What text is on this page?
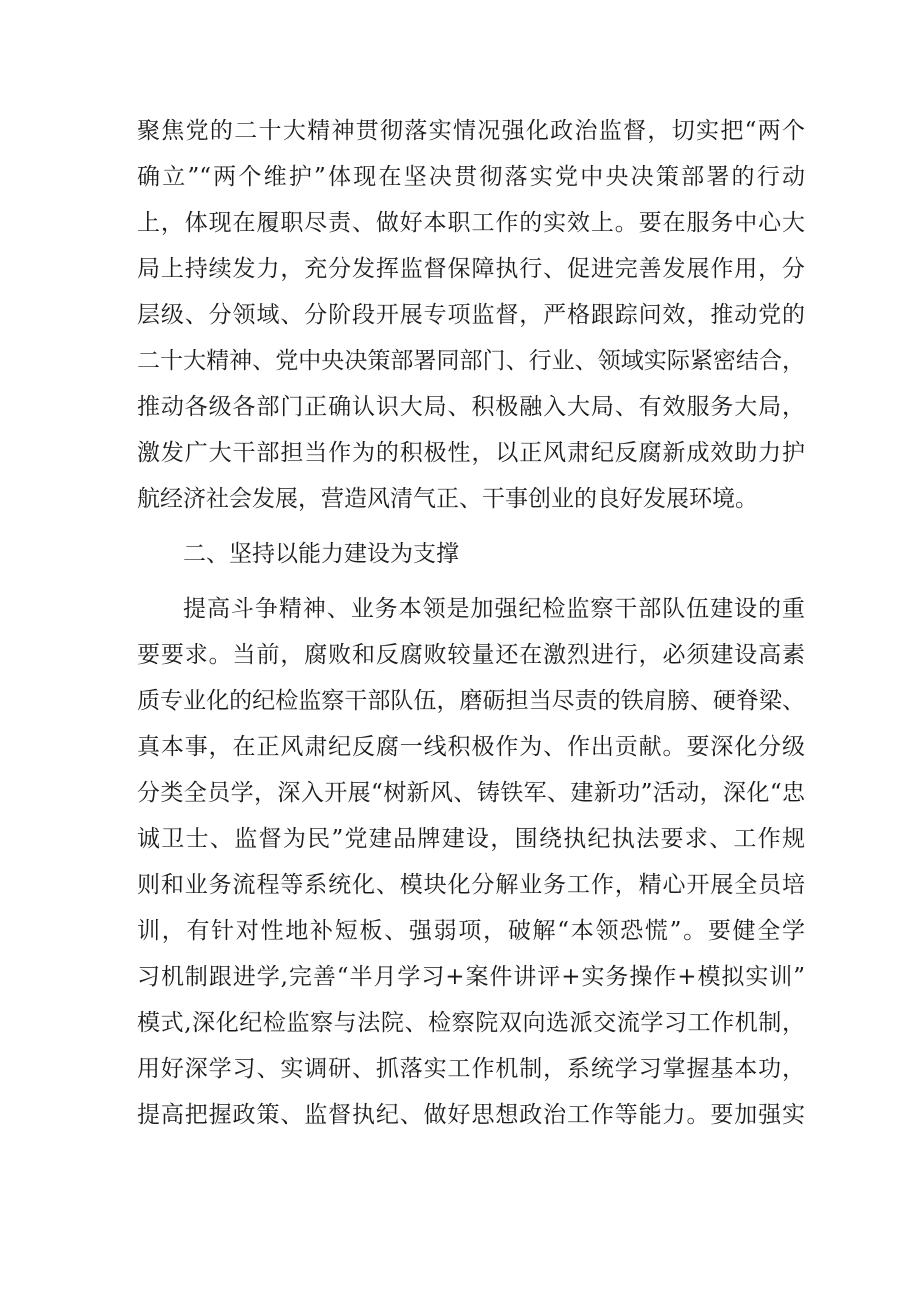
聚焦党的二十大精神贯彻落实情况强化政治监督，切实把“两个
确立”“两个维护”体现在坚决贯彻落实党中央决策部署的行动
上，体现在履职尽责、做好本职工作的实效上。要在服务中心大
局上持续发力，充分发挥监督保障执行、促进完善发展作用，分
层级、分领域、分阶段开展专项监督，严格跟踪问效，推动党的
二十大精神、党中央决策部署同部门、行业、领域实际紧密结合，
推动各级各部门正确认识大局、积极融入大局、有效服务大局，
激发广大干部担当作为的积极性，以正风肃纪反腐新成效助力护
航经济社会发展，营造风清气正、干事创业的良好发展环境。
二、坚持以能力建设为支撑
提高斗争精神、业务本领是加强纪检监察干部队伍建设的重
要要求。当前，腐败和反腐败较量还在激烈进行，必须建设高素
质专业化的纪检监察干部队伍，磨砺担当尽责的铁肩膀、硬脊梁、
真本事，在正风肃纪反腐一线积极作为、作出贡献。要深化分级
分类全员学，深入开展“树新风、铸铁军、建新功”活动，深化“忠
诚卫士、监督为民”党建品牌建设，围绕执纪执法要求、工作规
则和业务流程等系统化、模块化分解业务工作，精心开展全员培
训，有针对性地补短板、强弱项，破解“本领恐慌”。要健全学
习机制跟进学,完善“半月学习+案件讲评+实务操作+模拟实训”
模式,深化纪检监察与法院、检察院双向选派交流学习工作机制，
用好深学习、实调研、抓落实工作机制，系统学习掌握基本功，
提高把握政策、监督执纪、做好思想政治工作等能力。要加强实
